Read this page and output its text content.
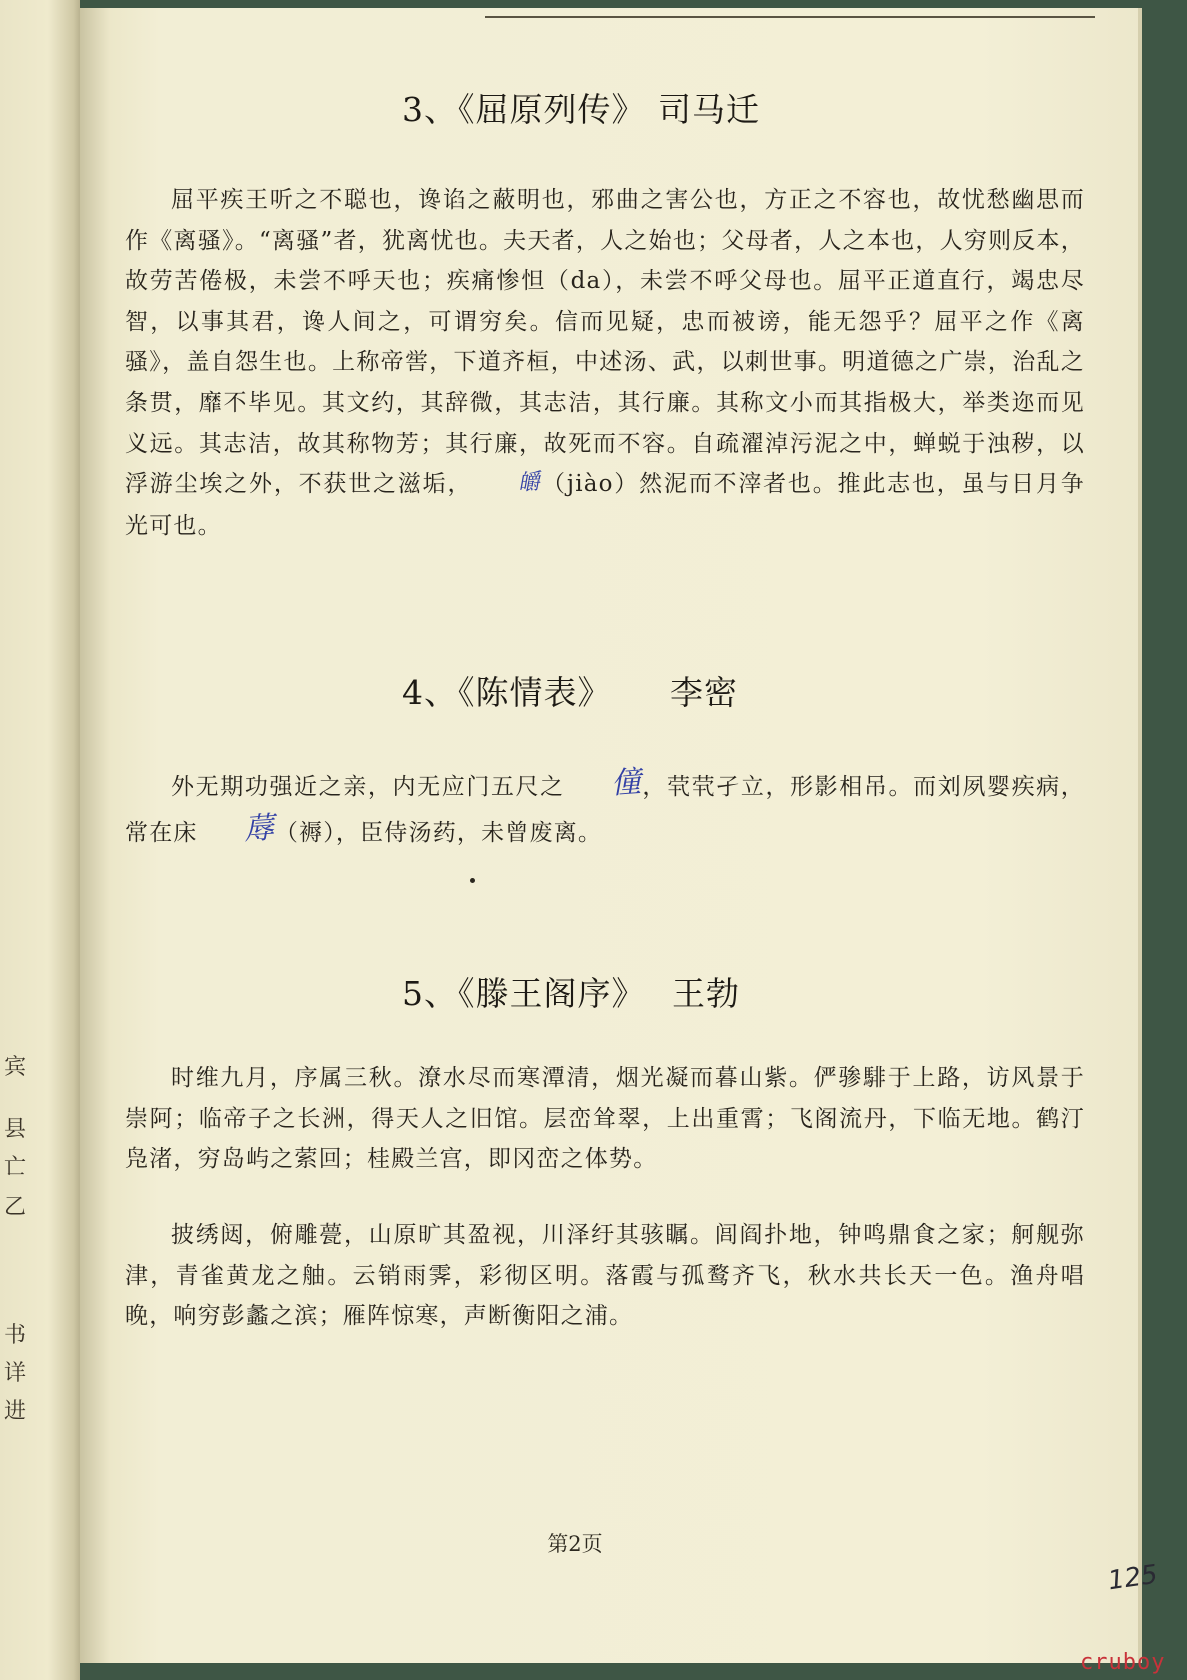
宾
县
亡
乙
书
详
进
3、《屈原列传》 司马迁

屈平疾王听之不聪也，谗谄之蔽明也，邪曲之害公也，方正之不容也，故忧愁幽思而作《离骚》。“离骚”者，犹离忧也。夫天者，人之始也；父母者，人之本也，人穷则反本，故劳苦倦极，未尝不呼天也；疾痛惨怛（da），未尝不呼父母也。屈平正道直行，竭忠尽智，以事其君，谗人间之，可谓穷矣。信而见疑，忠而被谤，能无怨乎？屈平之作《离骚》，盖自怨生也。上称帝喾，下道齐桓，中述汤、武，以刺世事。明道德之广崇，治乱之条贯，靡不毕见。其文约，其辞微，其志洁，其行廉。其称文小而其指极大，举类迩而见义远。其志洁，故其称物芳；其行廉，故死而不容。自疏濯淖污泥之中，蝉蜕于浊秽，以浮游尘埃之外，不获世之滋垢， 皭（jiào）然泥而不滓者也。推此志也，虽与日月争光可也。

4、《陈情表》 李密

外无期功强近之亲，内无应门五尺之 僮，茕茕孑立，形影相吊。而刘夙婴疾病，常在床 蓐（褥），臣侍汤药，未曾废离。

5、《滕王阁序》 王勃

时维九月，序属三秋。潦水尽而寒潭清，烟光凝而暮山紫。俨骖騑于上路，访风景于崇阿；临帝子之长洲，得天人之旧馆。层峦耸翠，上出重霄；飞阁流丹，下临无地。鹤汀凫渚，穷岛屿之萦回；桂殿兰宫，即冈峦之体势。

披绣闼，俯雕甍，山原旷其盈视，川泽纡其骇瞩。闾阎扑地，钟鸣鼎食之家；舸舰弥津，青雀黄龙之舳。云销雨霁，彩彻区明。落霞与孤鹜齐飞，秋水共长天一色。渔舟唱晚，响穷彭蠡之滨；雁阵惊寒，声断衡阳之浦。

第2页
125
cruboy
